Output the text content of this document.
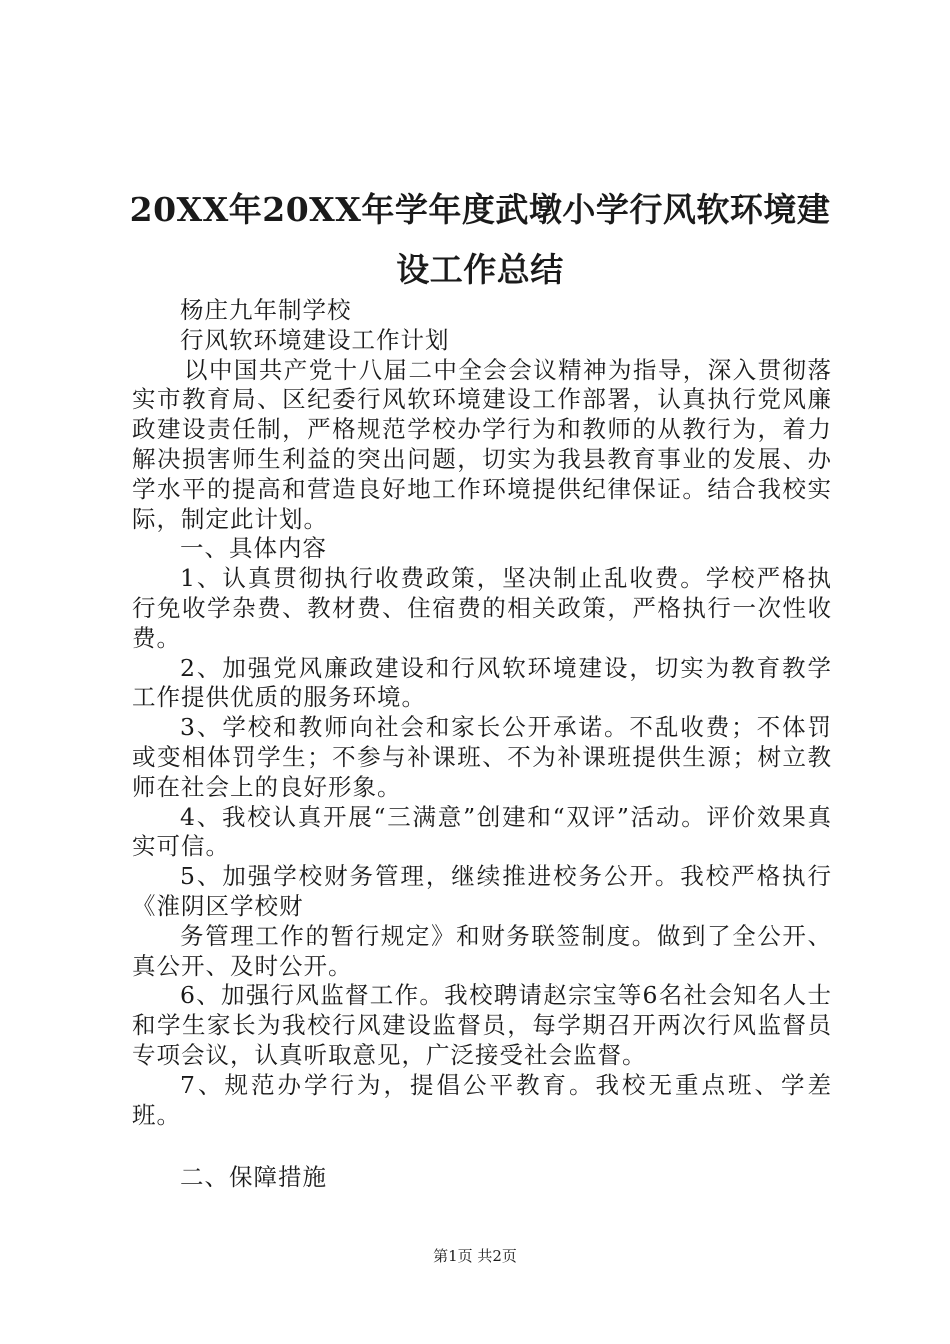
20XX年20XX年学年度武墩小学行风软环境建
设工作总结

杨庄九年制学校

行风软环境建设工作计划

以中国共产党十八届二中全会会议精神为指导，深入贯彻落实市教育局、区纪委行风软环境建设工作部署，认真执行党风廉政建设责任制，严格规范学校办学行为和教师的从教行为，着力解决损害师生利益的突出问题，切实为我县教育事业的发展、办学水平的提高和营造良好地工作环境提供纪律保证。结合我校实际，制定此计划。

一、具体内容

1、认真贯彻执行收费政策，坚决制止乱收费。学校严格执行免收学杂费、教材费、住宿费的相关政策，严格执行一次性收费。

2、加强党风廉政建设和行风软环境建设，切实为教育教学工作提供优质的服务环境。

3、学校和教师向社会和家长公开承诺。不乱收费；不体罚或变相体罚学生；不参与补课班、不为补课班提供生源；树立教师在社会上的良好形象。

4、我校认真开展“三满意”创建和“双评”活动。评价效果真实可信。

5、加强学校财务管理，继续推进校务公开。我校严格执行《淮阴区学校财

务管理工作的暂行规定》和财务联签制度。做到了全公开、真公开、及时公开。

6、加强行风监督工作。我校聘请赵宗宝等6名社会知名人士和学生家长为我校行风建设监督员，每学期召开两次行风监督员专项会议，认真听取意见，广泛接受社会监督。

7、规范办学行为，提倡公平教育。我校无重点班、学差班。

二、保障措施

第1页 共2页
